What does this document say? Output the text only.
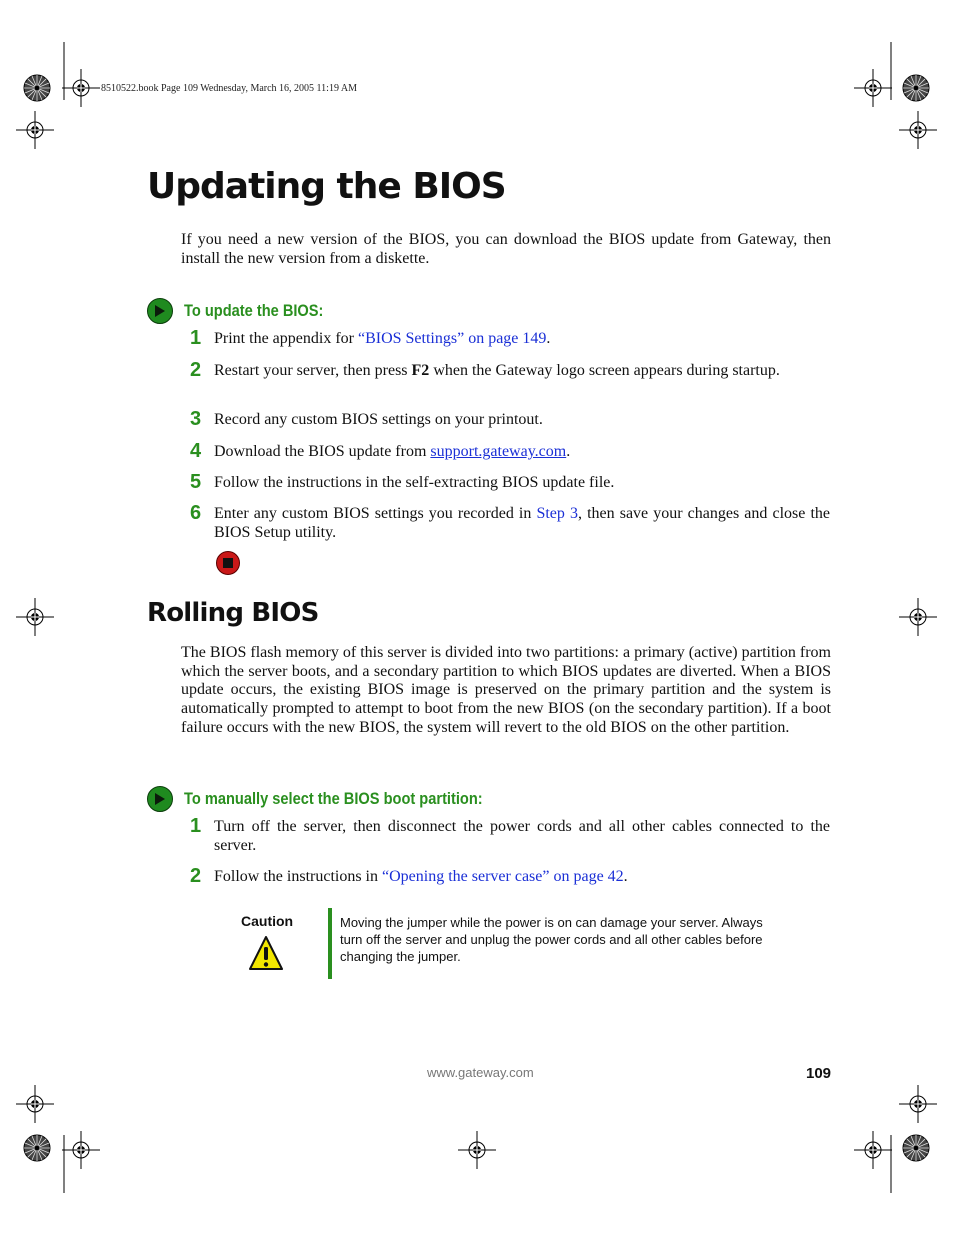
8510522.book Page 109 Wednesday, March 16, 2005 11:19 AM
Updating the BIOS
If you need a new version of the BIOS, you can download the BIOS update from Gateway, then install the new version from a diskette.
To update the BIOS:
1 Print the appendix for “BIOS Settings” on page 149.
2 Restart your server, then press F2 when the Gateway logo screen appears during startup.
3 Record any custom BIOS settings on your printout.
4 Download the BIOS update from support.gateway.com.
5 Follow the instructions in the self-extracting BIOS update file.
6 Enter any custom BIOS settings you recorded in Step 3, then save your changes and close the BIOS Setup utility.
Rolling BIOS
The BIOS flash memory of this server is divided into two partitions: a primary (active) partition from which the server boots, and a secondary partition to which BIOS updates are diverted. When a BIOS update occurs, the existing BIOS image is preserved on the primary partition and the system is automatically prompted to attempt to boot from the new BIOS (on the secondary partition). If a boot failure occurs with the new BIOS, the system will revert to the old BIOS on the other partition.
To manually select the BIOS boot partition:
1 Turn off the server, then disconnect the power cords and all other cables connected to the server.
2 Follow the instructions in “Opening the server case” on page 42.
Caution	Moving the jumper while the power is on can damage your server. Always turn off the server and unplug the power cords and all other cables before changing the jumper.
www.gateway.com	109
